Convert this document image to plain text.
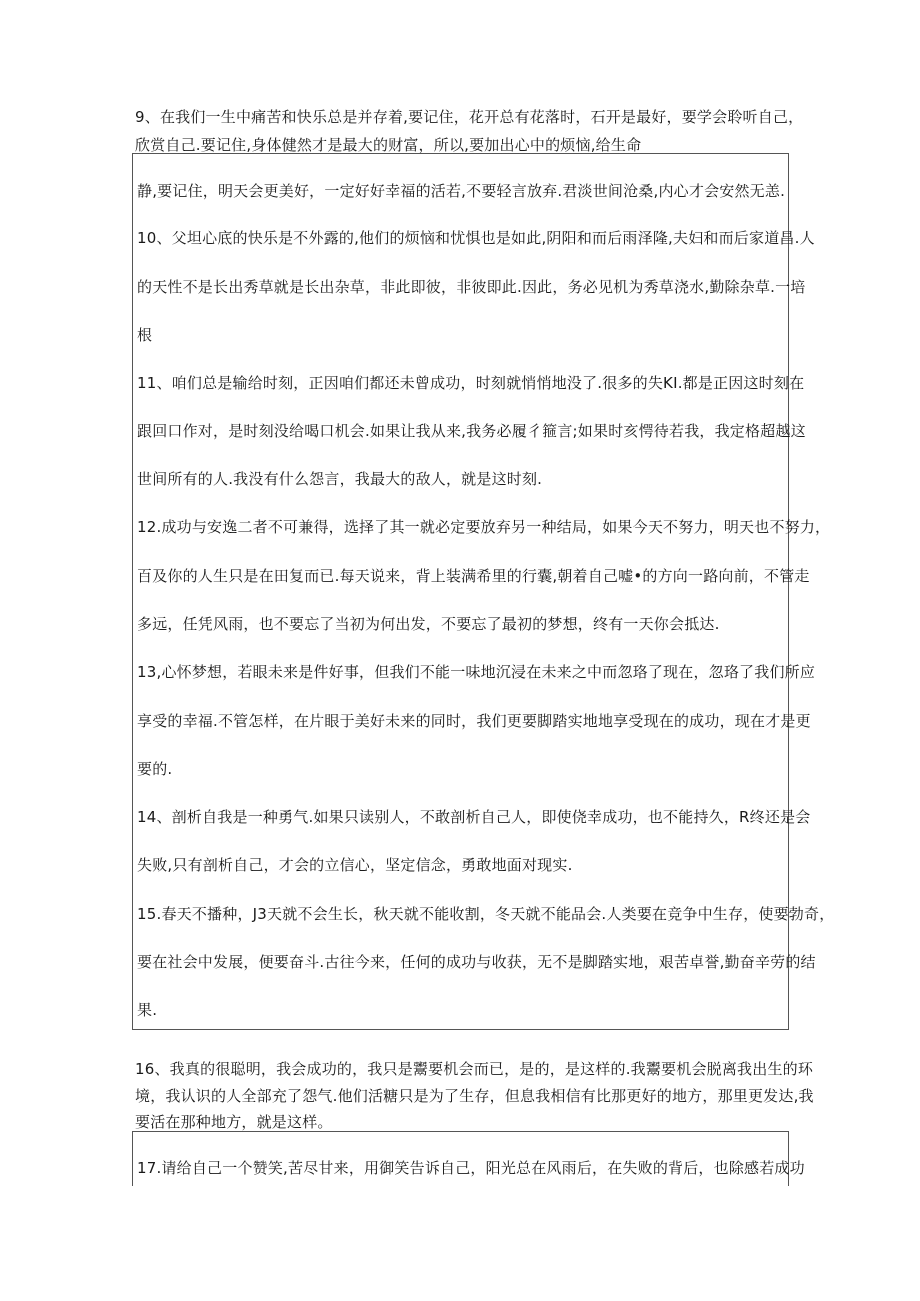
9、在我们一生中痛苦和快乐总是并存着,要记住，花开总有花落时，石开是最好，要学会聆听自己，
欣赏自己.要记住,身体健然才是最大的财富，所以,要加出心中的烦恼,给生命
静,要记住，明天会更美好，一定好好幸福的活若,不要轻言放弃.君淡世间沧桑,内心才会安然无恙.
10、父坦心底的快乐是不外露的,他们的烦恼和忧惧也是如此,阴阳和而后雨泽隆,夫妇和而后家道昌.人
的天性不是长出秀草就是长出杂草，非此即彼，非彼即此.因此，务必见机为秀草浇水,勤除杂草.一培
根
11、咱们总是输给时刻，正因咱们都还未曾成功，时刻就悄悄地没了.很多的失KI.都是正因这时刻在
跟回口作对，是时刻没给喝口机会.如果让我从来,我务必履彳箍言;如果时亥愕待若我，我定格超越这
世间所有的人.我没有什么怨言，我最大的敌人，就是这时刻.
12.成功与安逸二者不可兼得，选择了其一就必定要放弃另一种结局，如果今天不努力，明天也不努力，
百及你的人生只是在田复而已.每天说来，背上装满希里的行囊,朝着自己嘘•的方向一路向前，不管走
多远，任凭风雨，也不要忘了当初为何出发，不要忘了最初的梦想，终有一天你会抵达.
13,心怀梦想，若眼未来是件好事，但我们不能一味地沉浸在未来之中而忽珞了现在，忽珞了我们所应
享受的幸福.不管怎样，在片眼于美好未来的同时，我们更要脚踏实地地享受现在的成功，现在才是更
要的.
14、剖析自我是一种勇气.如果只读别人，不敢剖析自己人，即使侥幸成功，也不能持久，R终还是会
失败,只有剖析自己，才会的立信心，坚定信念，勇敢地面对现实.
15.春天不播种，J3天就不会生长，秋天就不能收割，冬天就不能品会.人类要在竞争中生存，使要勃奇，
要在社会中发展，便要奋斗.古往今来，任何的成功与收获，无不是脚踏实地，艰苦卓誉,勤奋辛劳的结
果.
16、我真的很聪明，我会成功的，我只是鬻要机会而已，是的，是这样的.我鬻要机会脱离我出生的环
境，我认识的人全部充了怨气.他们活糖只是为了生存，但息我相信有比那更好的地方，那里更发达,我
要活在那种地方，就是这样。
17.请给自己一个赞笑,苦尽甘来，用御笑告诉自己，阳光总在风雨后，在失败的背后，也除感若成功
